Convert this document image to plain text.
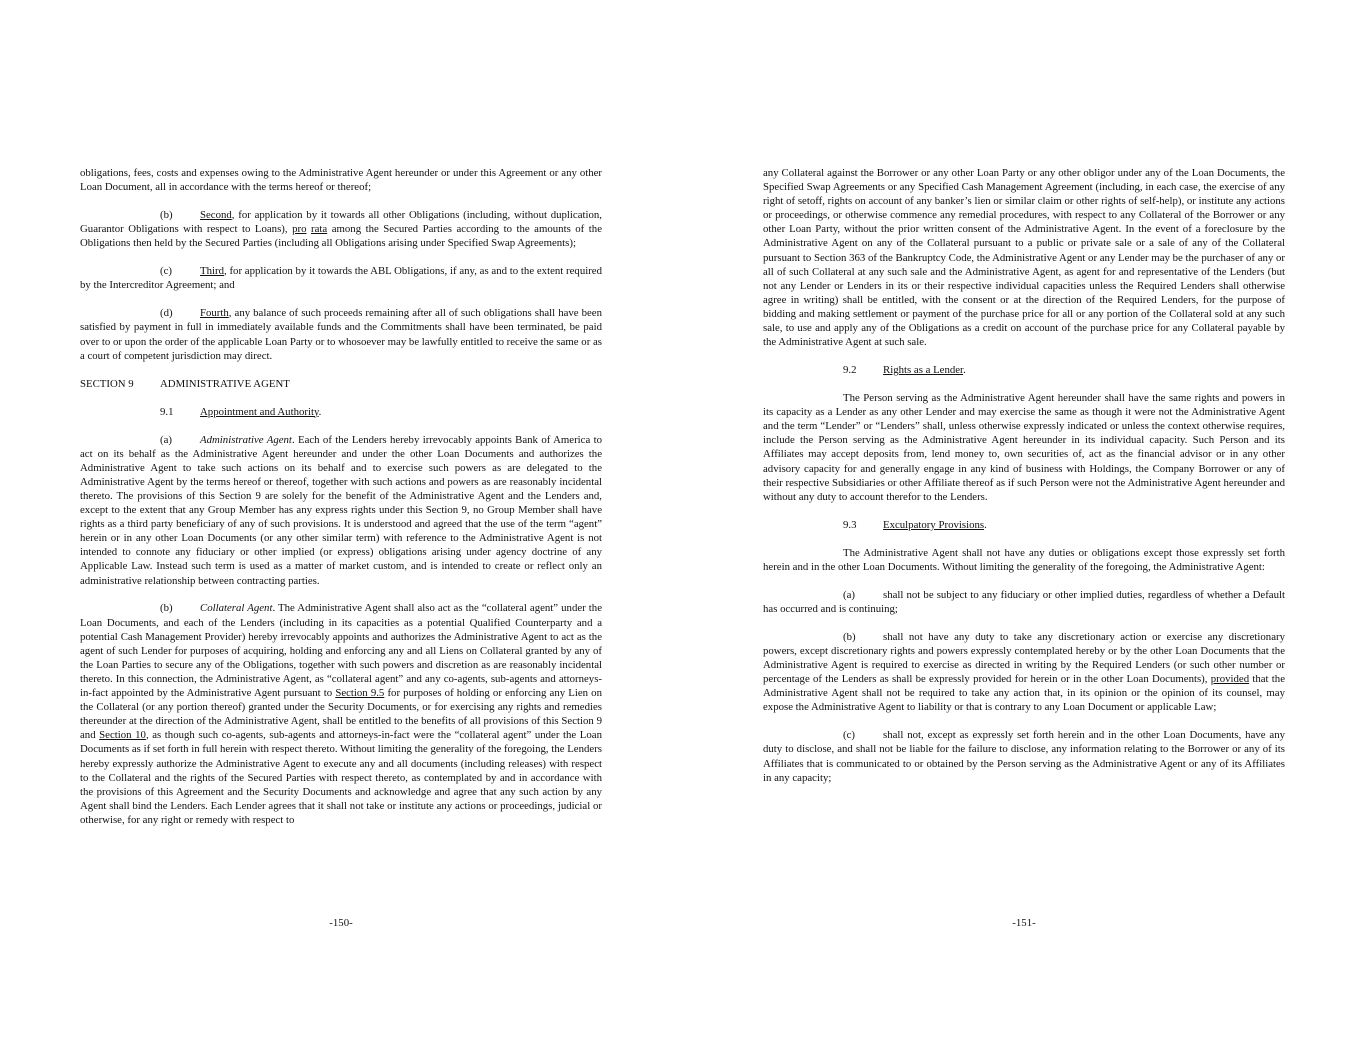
obligations, fees, costs and expenses owing to the Administrative Agent hereunder or under this Agreement or any other Loan Document, all in accordance with the terms hereof or thereof;

(b)	Second, for application by it towards all other Obligations (including, without duplication, Guarantor Obligations with respect to Loans), pro rata among the Secured Parties according to the amounts of the Obligations then held by the Secured Parties (including all Obligations arising under Specified Swap Agreements);

(c)	Third, for application by it towards the ABL Obligations, if any, as and to the extent required by the Intercreditor Agreement; and

(d)	Fourth, any balance of such proceeds remaining after all of such obligations shall have been satisfied by payment in full in immediately available funds and the Commitments shall have been terminated, be paid over to or upon the order of the applicable Loan Party or to whosoever may be lawfully entitled to receive the same or as a court of competent jurisdiction may direct.

SECTION 9 ADMINISTRATIVE AGENT

9.1 Appointment and Authority.

(a)	Administrative Agent. Each of the Lenders hereby irrevocably appoints Bank of America to act on its behalf as the Administrative Agent hereunder and under the other Loan Documents and authorizes the Administrative Agent to take such actions on its behalf and to exercise such powers as are delegated to the Administrative Agent by the terms hereof or thereof, together with such actions and powers as are reasonably incidental thereto. The provisions of this Section 9 are solely for the benefit of the Administrative Agent and the Lenders and, except to the extent that any Group Member has any express rights under this Section 9, no Group Member shall have rights as a third party beneficiary of any of such provisions. It is understood and agreed that the use of the term “agent” herein or in any other Loan Documents (or any other similar term) with reference to the Administrative Agent is not intended to connote any fiduciary or other implied (or express) obligations arising under agency doctrine of any Applicable Law. Instead such term is used as a matter of market custom, and is intended to create or reflect only an administrative relationship between contracting parties.

(b)	Collateral Agent. The Administrative Agent shall also act as the “collateral agent” under the Loan Documents, and each of the Lenders (including in its capacities as a potential Qualified Counterparty and a potential Cash Management Provider) hereby irrevocably appoints and authorizes the Administrative Agent to act as the agent of such Lender for purposes of acquiring, holding and enforcing any and all Liens on Collateral granted by any of the Loan Parties to secure any of the Obligations, together with such powers and discretion as are reasonably incidental thereto. In this connection, the Administrative Agent, as “collateral agent” and any co-agents, sub-agents and attorneys-in-fact appointed by the Administrative Agent pursuant to Section 9.5 for purposes of holding or enforcing any Lien on the Collateral (or any portion thereof) granted under the Security Documents, or for exercising any rights and remedies thereunder at the direction of the Administrative Agent, shall be entitled to the benefits of all provisions of this Section 9 and Section 10, as though such co-agents, sub-agents and attorneys-in-fact were the “collateral agent” under the Loan Documents as if set forth in full herein with respect thereto. Without limiting the generality of the foregoing, the Lenders hereby expressly authorize the Administrative Agent to execute any and all documents (including releases) with respect to the Collateral and the rights of the Secured Parties with respect thereto, as contemplated by and in accordance with the provisions of this Agreement and the Security Documents and acknowledge and agree that any such action by any Agent shall bind the Lenders. Each Lender agrees that it shall not take or institute any actions or proceedings, judicial or otherwise, for any right or remedy with respect to

-150-

any Collateral against the Borrower or any other Loan Party or any other obligor under any of the Loan Documents, the Specified Swap Agreements or any Specified Cash Management Agreement (including, in each case, the exercise of any right of setoff, rights on account of any banker’s lien or similar claim or other rights of self-help), or institute any actions or proceedings, or otherwise commence any remedial procedures, with respect to any Collateral of the Borrower or any other Loan Party, without the prior written consent of the Administrative Agent. In the event of a foreclosure by the Administrative Agent on any of the Collateral pursuant to a public or private sale or a sale of any of the Collateral pursuant to Section 363 of the Bankruptcy Code, the Administrative Agent or any Lender may be the purchaser of any or all of such Collateral at any such sale and the Administrative Agent, as agent for and representative of the Lenders (but not any Lender or Lenders in its or their respective individual capacities unless the Required Lenders shall otherwise agree in writing) shall be entitled, with the consent or at the direction of the Required Lenders, for the purpose of bidding and making settlement or payment of the purchase price for all or any portion of the Collateral sold at any such sale, to use and apply any of the Obligations as a credit on account of the purchase price for any Collateral payable by the Administrative Agent at such sale.

9.2 Rights as a Lender.

The Person serving as the Administrative Agent hereunder shall have the same rights and powers in its capacity as a Lender as any other Lender and may exercise the same as though it were not the Administrative Agent and the term “Lender” or “Lenders” shall, unless otherwise expressly indicated or unless the context otherwise requires, include the Person serving as the Administrative Agent hereunder in its individual capacity. Such Person and its Affiliates may accept deposits from, lend money to, own securities of, act as the financial advisor or in any other advisory capacity for and generally engage in any kind of business with Holdings, the Company Borrower or any of their respective Subsidiaries or other Affiliate thereof as if such Person were not the Administrative Agent hereunder and without any duty to account therefor to the Lenders.

9.3 Exculpatory Provisions.

The Administrative Agent shall not have any duties or obligations except those expressly set forth herein and in the other Loan Documents. Without limiting the generality of the foregoing, the Administrative Agent:

(a)	shall not be subject to any fiduciary or other implied duties, regardless of whether a Default has occurred and is continuing;

(b)	shall not have any duty to take any discretionary action or exercise any discretionary powers, except discretionary rights and powers expressly contemplated hereby or by the other Loan Documents that the Administrative Agent is required to exercise as directed in writing by the Required Lenders (or such other number or percentage of the Lenders as shall be expressly provided for herein or in the other Loan Documents), provided that the Administrative Agent shall not be required to take any action that, in its opinion or the opinion of its counsel, may expose the Administrative Agent to liability or that is contrary to any Loan Document or applicable Law;

(c)	shall not, except as expressly set forth herein and in the other Loan Documents, have any duty to disclose, and shall not be liable for the failure to disclose, any information relating to the Borrower or any of its Affiliates that is communicated to or obtained by the Person serving as the Administrative Agent or any of its Affiliates in any capacity;

-151-
